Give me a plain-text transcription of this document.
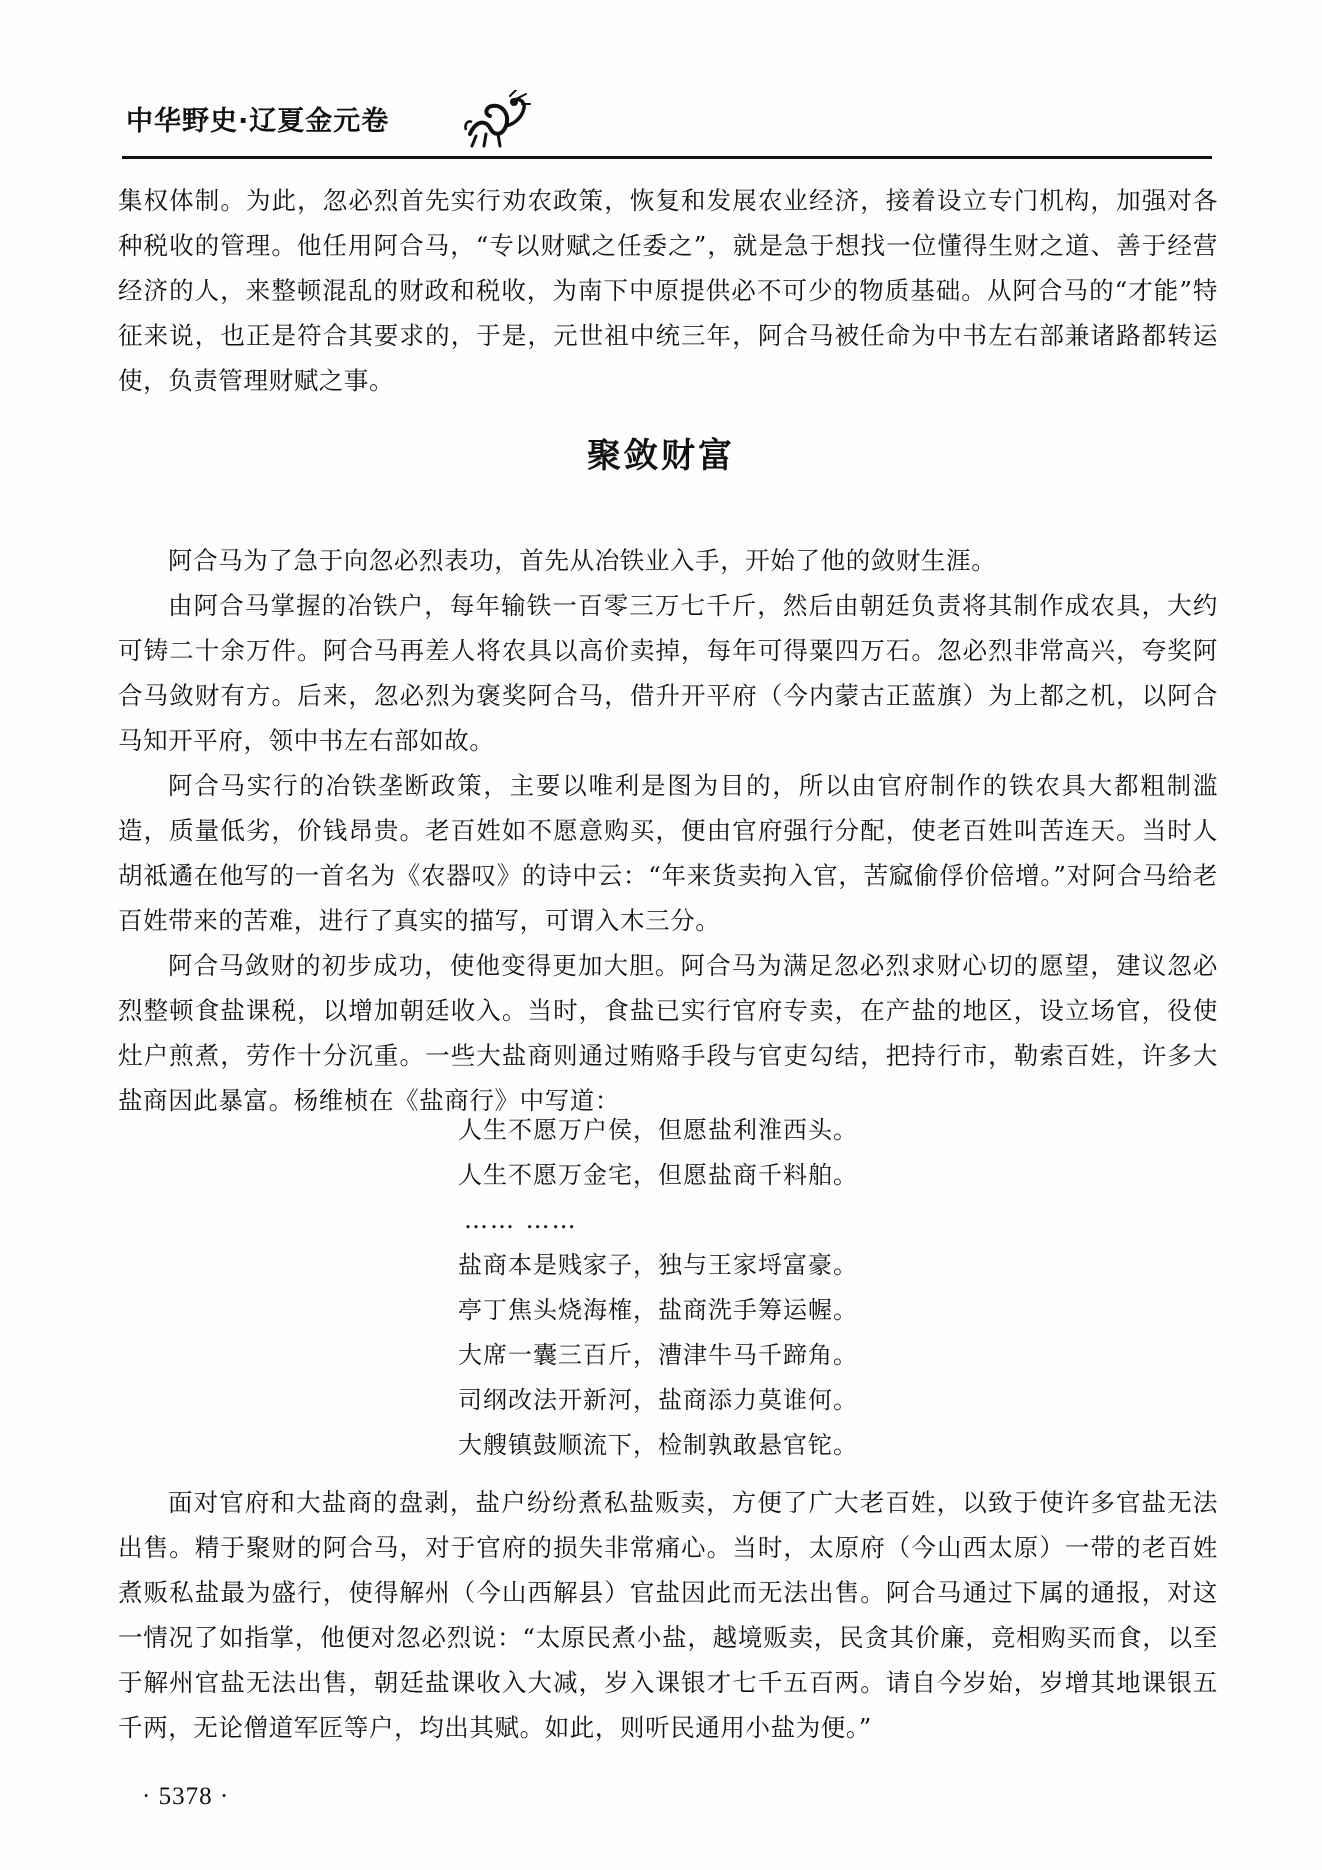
中华野史·辽夏金元卷

集权体制。为此，忽必烈首先实行劝农政策，恢复和发展农业经济，接着设立专门机构，加强对各种税收的管理。他任用阿合马，“专以财赋之任委之”，就是急于想找一位懂得生财之道、善于经营经济的人，来整顿混乱的财政和税收，为南下中原提供必不可少的物质基础。从阿合马的“才能”特征来说，也正是符合其要求的，于是，元世祖中统三年，阿合马被任命为中书左右部兼诸路都转运使，负责管理财赋之事。

聚敛财富

阿合马为了急于向忽必烈表功，首先从冶铁业入手，开始了他的敛财生涯。

由阿合马掌握的冶铁户，每年输铁一百零三万七千斤，然后由朝廷负责将其制作成农具，大约可铸二十余万件。阿合马再差人将农具以高价卖掉，每年可得粟四万石。忽必烈非常高兴，夸奖阿合马敛财有方。后来，忽必烈为褒奖阿合马，借升开平府（今内蒙古正蓝旗）为上都之机，以阿合马知开平府，领中书左右部如故。

阿合马实行的冶铁垄断政策，主要以唯利是图为目的，所以由官府制作的铁农具大都粗制滥造，质量低劣，价钱昂贵。老百姓如不愿意购买，便由官府强行分配，使老百姓叫苦连天。当时人胡祗遹在他写的一首名为《农器叹》的诗中云：“年来货卖拘入官，苦窳偷俘价倍增。”对阿合马给老百姓带来的苦难，进行了真实的描写，可谓入木三分。

阿合马敛财的初步成功，使他变得更加大胆。阿合马为满足忽必烈求财心切的愿望，建议忽必烈整顿食盐课税，以增加朝廷收入。当时，食盐已实行官府专卖，在产盐的地区，设立场官，役使灶户煎煮，劳作十分沉重。一些大盐商则通过贿赂手段与官吏勾结，把持行市，勒索百姓，许多大盐商因此暴富。杨维桢在《盐商行》中写道：

人生不愿万户侯，但愿盐利淮西头。
人生不愿万金宅，但愿盐商千料舶。
…… ……
盐商本是贱家子，独与王家埒富豪。
亭丁焦头烧海榷，盐商洗手筹运幄。
大席一囊三百斤，漕津牛马千蹄角。
司纲改法开新河，盐商添力莫谁何。
大艘镇鼓顺流下，检制孰敢悬官铊。

面对官府和大盐商的盘剥，盐户纷纷煮私盐贩卖，方便了广大老百姓，以致于使许多官盐无法出售。精于聚财的阿合马，对于官府的损失非常痛心。当时，太原府（今山西太原）一带的老百姓煮贩私盐最为盛行，使得解州（今山西解县）官盐因此而无法出售。阿合马通过下属的通报，对这一情况了如指掌，他便对忽必烈说：“太原民煮小盐，越境贩卖，民贪其价廉，竞相购买而食，以至于解州官盐无法出售，朝廷盐课收入大减，岁入课银才七千五百两。请自今岁始，岁增其地课银五千两，无论僧道军匠等户，均出其赋。如此，则听民通用小盐为便。”

· 5378 ·
